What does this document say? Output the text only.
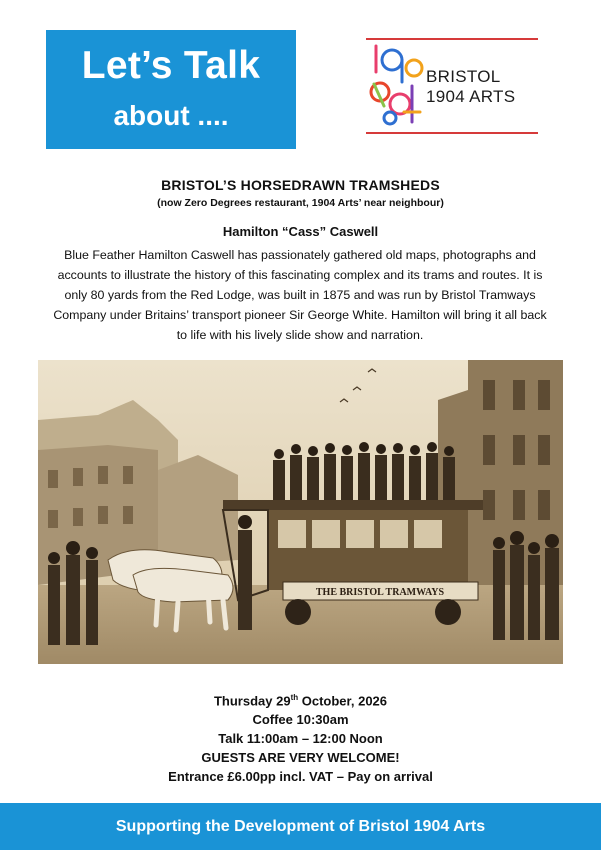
Let’s Talk
about ....
BRISTOL
1904 ARTS
BRISTOL’S HORSEDRAWN TRAMSHEDS
(now Zero Degrees restaurant, 1904 Arts’ near neighbour)
Hamilton “Cass” Caswell
Blue Feather Hamilton Caswell has passionately gathered old maps, photographs and accounts to illustrate the history of this fascinating complex and its trams and routes. It is only 80 yards from the Red Lodge, was built in 1875 and was run by Bristol Tramways Company under Britains’ transport pioneer Sir George White. Hamilton will bring it all back to life with his lively slide show and narration.
THE BRISTOL TRAMWAYS

Thursday 29th October, 2026

Coffee 10:30am

Talk 11:00am – 12:00 Noon

GUESTS ARE VERY WELCOME!

Entrance £6.00pp incl. VAT – Pay on arrival

Supporting the Development of Bristol 1904 Arts
